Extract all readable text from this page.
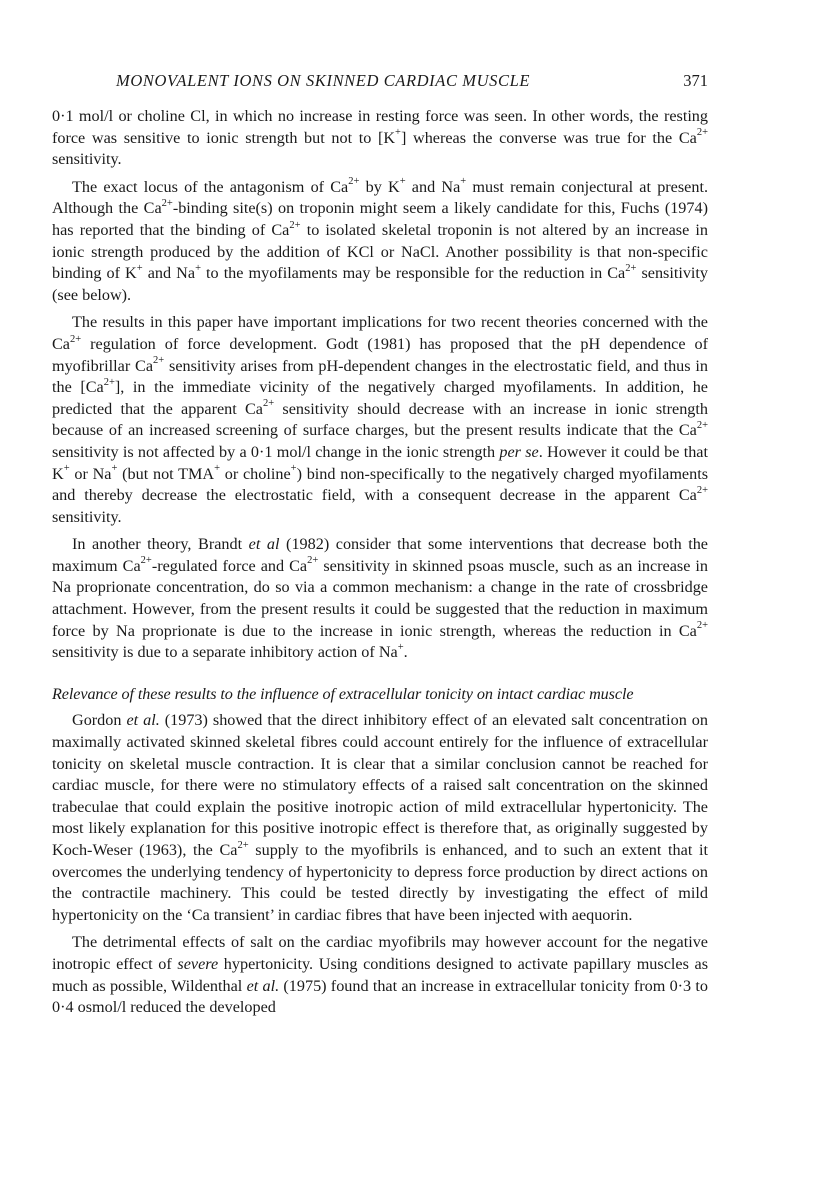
MONOVALENT IONS ON SKINNED CARDIAC MUSCLE	371

0·1 mol/l or choline Cl, in which no increase in resting force was seen. In other words, the resting force was sensitive to ionic strength but not to [K+] whereas the converse was true for the $Ca^{2+}$ sensitivity.

The exact locus of the antagonism of $Ca^{2+}$ by K+ and Na+ must remain conjectural at present. Although the $Ca^{2+}$-binding site(s) on troponin might seem a likely candidate for this, Fuchs (1974) has reported that the binding of $Ca^{2+}$ to isolated skeletal troponin is not altered by an increase in ionic strength produced by the addition of KCl or NaCl. Another possibility is that non-specific binding of K+ and Na+ to the myofilaments may be responsible for the reduction in $Ca^{2+}$ sensitivity (see below).

The results in this paper have important implications for two recent theories concerned with the $Ca^{2+}$ regulation of force development. Godt (1981) has proposed that the pH dependence of myofibrillar $Ca^{2+}$ sensitivity arises from pH-dependent changes in the electrostatic field, and thus in the $[Ca^{2+}]$, in the immediate vicinity of the negatively charged myofilaments. In addition, he predicted that the apparent $Ca^{2+}$ sensitivity should decrease with an increase in ionic strength because of an increased screening of surface charges, but the present results indicate that the $Ca^{2+}$ sensitivity is not affected by a 0·1 mol/l change in the ionic strength per se. However it could be that K+ or Na+ (but not TMA+ or choline+) bind non-specifically to the negatively charged myofilaments and thereby decrease the electrostatic field, with a consequent decrease in the apparent $Ca^{2+}$ sensitivity.

In another theory, Brandt et al (1982) consider that some interventions that decrease both the maximum $Ca^{2+}$-regulated force and $Ca^{2+}$ sensitivity in skinned psoas muscle, such as an increase in Na proprionate concentration, do so via a common mechanism: a change in the rate of crossbridge attachment. However, from the present results it could be suggested that the reduction in maximum force by Na proprionate is due to the increase in ionic strength, whereas the reduction in $Ca^{2+}$ sensitivity is due to a separate inhibitory action of Na+.

Relevance of these results to the influence of extracellular tonicity on intact cardiac muscle

Gordon et al. (1973) showed that the direct inhibitory effect of an elevated salt concentration on maximally activated skinned skeletal fibres could account entirely for the influence of extracellular tonicity on skeletal muscle contraction. It is clear that a similar conclusion cannot be reached for cardiac muscle, for there were no stimulatory effects of a raised salt concentration on the skinned trabeculae that could explain the positive inotropic action of mild extracellular hypertonicity. The most likely explanation for this positive inotropic effect is therefore that, as originally suggested by Koch-Weser (1963), the $Ca^{2+}$ supply to the myofibrils is enhanced, and to such an extent that it overcomes the underlying tendency of hypertonicity to depress force production by direct actions on the contractile machinery. This could be tested directly by investigating the effect of mild hypertonicity on the ‘Ca transient’ in cardiac fibres that have been injected with aequorin.

The detrimental effects of salt on the cardiac myofibrils may however account for the negative inotropic effect of severe hypertonicity. Using conditions designed to activate papillary muscles as much as possible, Wildenthal et al. (1975) found that an increase in extracellular tonicity from 0·3 to 0·4 osmol/l reduced the developed
